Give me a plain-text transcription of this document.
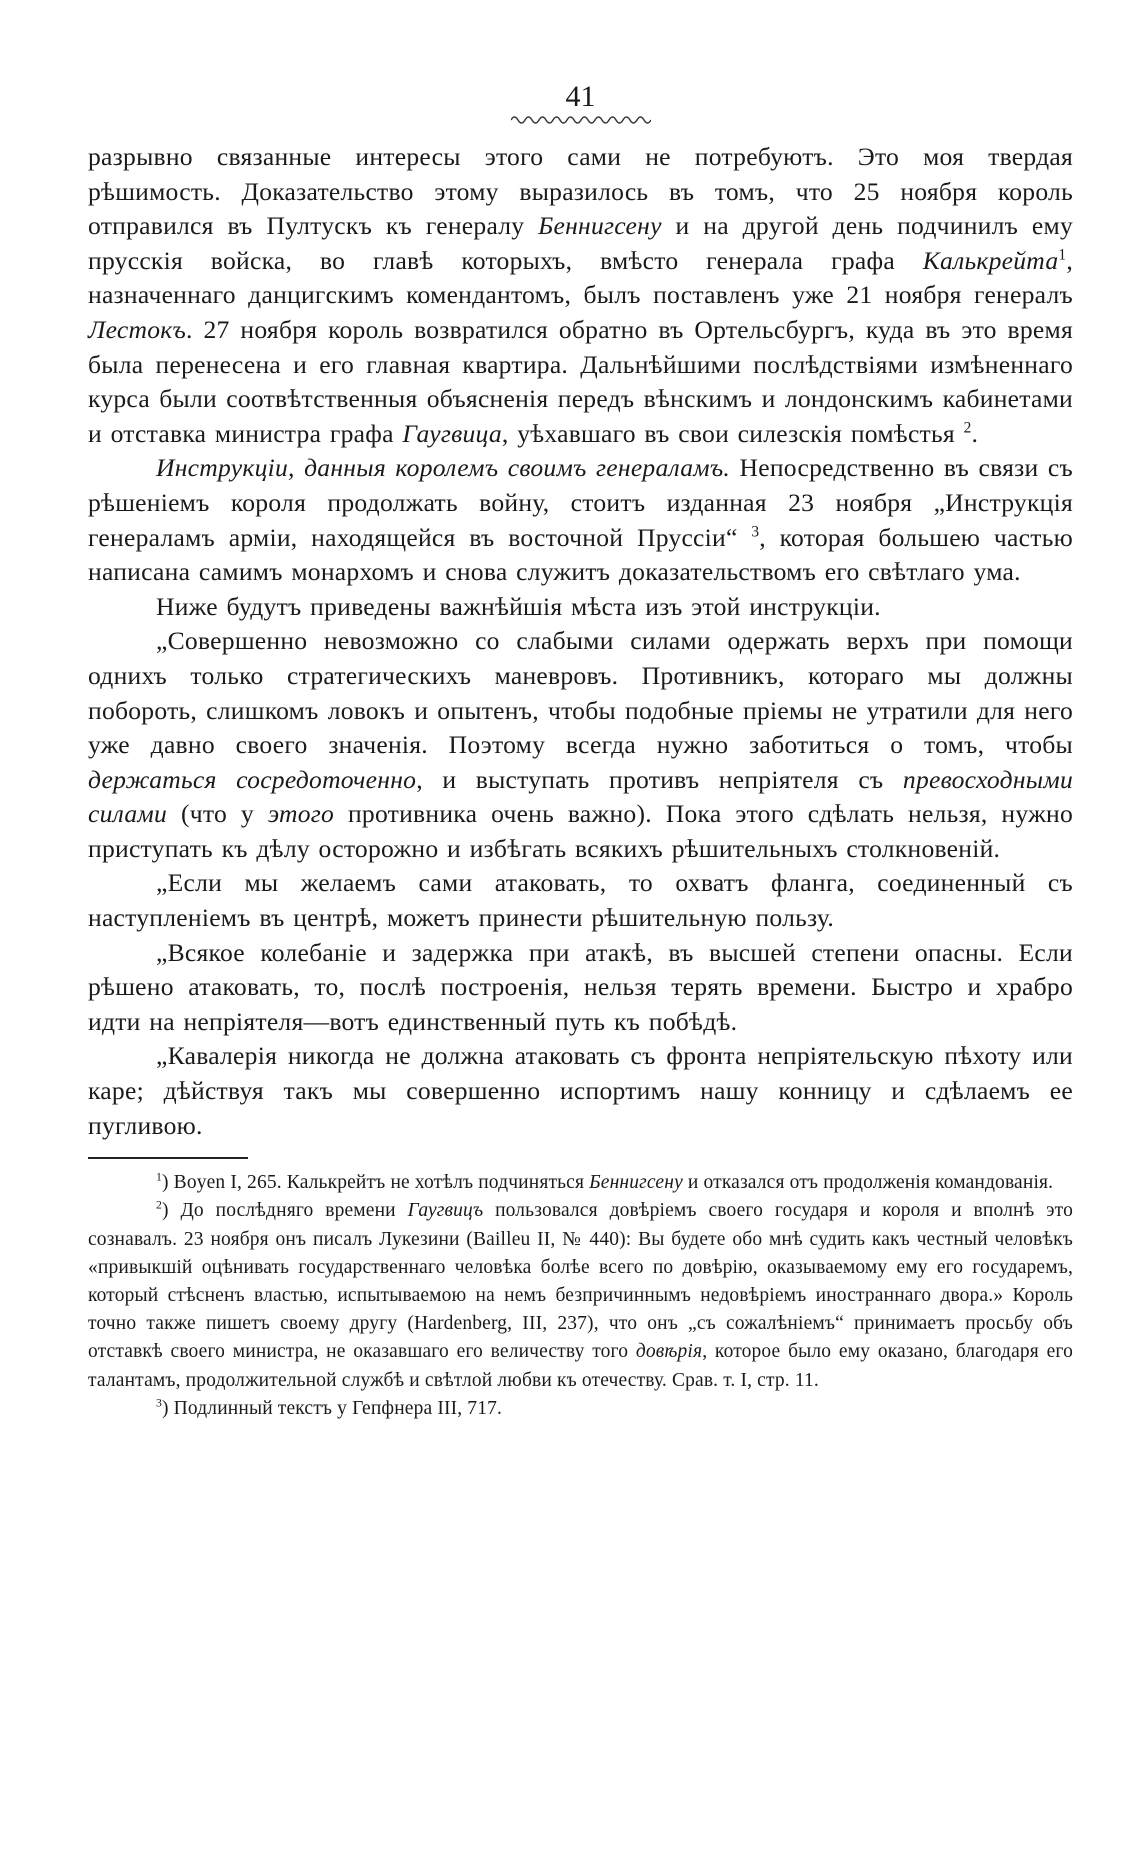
41

разрывно связанные интересы этого сами не потребуютъ. Это моя твердая рѣшимость. Доказательство этому выразилось въ томъ, что 25 ноября король отправился въ Пултускъ къ генералу Беннигсену и на другой день подчинилъ ему прусскія войска, во главѣ которыхъ, вмѣсто генерала графа Калькрейта$^1$, назначеннаго данцигскимъ комендантомъ, былъ поставленъ уже 21 ноября генералъ Лестокъ. 27 ноября король возвратился обратно въ Ортельсбургъ, куда въ это время была перенесена и его главная квартира. Дальнѣйшими послѣдствіями измѣненнаго курса были соотвѣтственныя объясненія передъ вѣнскимъ и лондонскимъ кабинетами и отставка министра графа Гаугвица, уѣхавшаго въ свои силезскія помѣстья $^2$.

Инструкціи, данныя королемъ своимъ генераламъ. Непосредственно въ связи съ рѣшеніемъ короля продолжать войну, стоитъ изданная 23 ноября „Инструкція генераламъ арміи, находящейся въ восточной Пруссіи“ $^3$, которая большею частью написана самимъ монархомъ и снова служитъ доказательствомъ его свѣтлаго ума.

Ниже будутъ приведены важнѣйшія мѣста изъ этой инструкціи.

„Совершенно невозможно со слабыми силами одержать верхъ при помощи однихъ только стратегическихъ маневровъ. Противникъ, котораго мы должны побороть, слишкомъ ловокъ и опытенъ, чтобы подобные пріемы не утратили для него уже давно своего значенія. Поэтому всегда нужно заботиться о томъ, чтобы держаться сосредоточенно, и выступать противъ непріятеля съ превосходными силами (что у этого противника очень важно). Пока этого сдѣлать нельзя, нужно приступать къ дѣлу осторожно и избѣгать всякихъ рѣшительныхъ столкновеній.

„Если мы желаемъ сами атаковать, то охватъ фланга, соединенный съ наступленіемъ въ центрѣ, можетъ принести рѣшительную пользу.

„Всякое колебаніе и задержка при атакѣ, въ высшей степени опасны. Если рѣшено атаковать, то, послѣ построенія, нельзя терять времени. Быстро и храбро идти на непріятеля—вотъ единственный путь къ побѣдѣ.

„Кавалерія никогда не должна атаковать съ фронта непріятельскую пѣхоту или каре; дѣйствуя такъ мы совершенно испортимъ нашу конницу и сдѣлаемъ ее пугливою.

$^1$) Boyen I, 265. Калькрейтъ не хотѣлъ подчиняться Беннигсену и отказался отъ продолженія командованія.

$^2$) До послѣдняго времени Гаугвицъ пользовался довѣріемъ своего государя и короля и вполнѣ это сознавалъ. 23 ноября онъ писалъ Лукезини (Bailleu II, № 440): Вы будете обо мнѣ судить какъ честный человѣкъ «привыкшій оцѣнивать государственнаго человѣка болѣе всего по довѣрію, оказываемому ему его государемъ, который стѣсненъ властью, испытываемою на немъ безпричиннымъ недовѣріемъ иностраннаго двора.» Король точно также пишетъ своему другу (Hardenberg, III, 237), что онъ „съ сожалѣніемъ“ принимаетъ просьбу объ отставкѣ своего министра, не оказавшаго его величеству того довѣрія, которое было ему оказано, благодаря его талантамъ, продолжительной службѣ и свѣтлой любви къ отечеству. Срав. т. I, стр. 11.

$^3$) Подлинный текстъ у Гепфнера III, 717.
